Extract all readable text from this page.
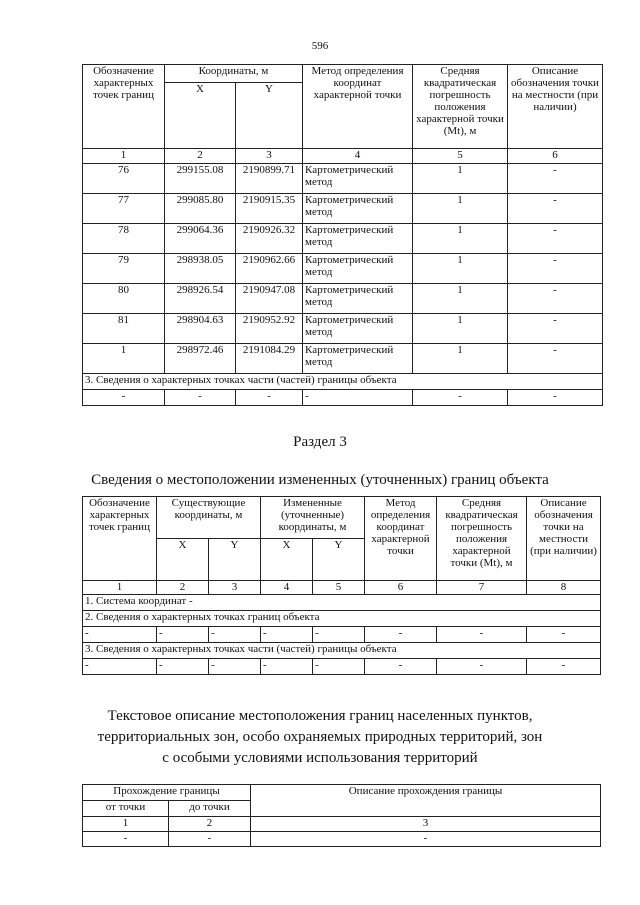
596
Обозначение характерных точек границ	Координаты, м		Метод определения координат характерной точки	Средняя квадратическая погрешность положения характерной точки (Mt), м	Описание обозначения точки на местности (при наличии)
	X	Y			
1	2	3	4	5	6
76	299155.08	2190899.71	Картометрический метод	1	-
77	299085.80	2190915.35	Картометрический метод	1	-
78	299064.36	2190926.32	Картометрический метод	1	-
79	298938.05	2190962.66	Картометрический метод	1	-
80	298926.54	2190947.08	Картометрический метод	1	-
81	298904.63	2190952.92	Картометрический метод	1	-
1	298972.46	2191084.29	Картометрический метод	1	-
3. Сведения о характерных точках части (частей) границы объекта					
-	-	-	-	-	-
Раздел 3
Сведения о местоположении измененных (уточненных) границ объекта
Обозначение характерных точек границ	Существующие координаты, м		Измененные (уточненные) координаты, м		Метод определения координат характерной точки	Средняя квадратическая погрешность положения характерной точки (Mt), м	Описание обозначения точки на местности (при наличии)
	X	Y	X	Y			
1	2	3	4	5	6	7	8
1. Система координат -							
2. Сведения о характерных точках границ объекта							
-	-	-	-	-	-	-	-
3. Сведения о характерных точках части (частей) границы объекта							
-	-	-	-	-	-	-	-
Текстовое описание местоположения границ населенных пунктов,
территориальных зон, особо охраняемых природных территорий, зон
с особыми условиями использования территорий
Прохождение границы		Описание прохождения границы
от точки	до точки	
1	2	3
-	-	-
